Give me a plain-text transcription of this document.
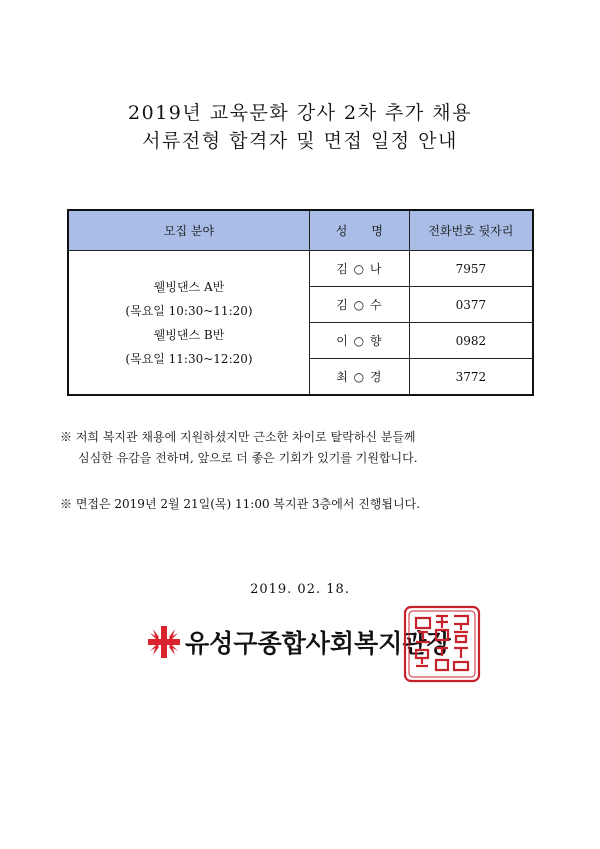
2019년 교육문화 강사 2차 추가 채용
서류전형 합격자 및 면접 일정 안내
모집 분야	성　　명	전화번호 뒷자리

웰빙댄스 A반
(목요일 10:30~11:20)
웰빙댄스 B반
(목요일 11:30~12:20)	김 ○ 나	7957
	김 ○ 수	0377
	이 ○ 향	0982
	최 ○ 경	3772
※ 저희 복지관 채용에 지원하셨지만 근소한 차이로 탈락하신 분들께
심심한 유감을 전하며, 앞으로 더 좋은 기회가 있기를 기원합니다.
※ 면접은 2019년 2월 21일(목) 11:00 복지관 3층에서 진행됩니다.
2019. 02. 18.
유성구종합사회복지관장
